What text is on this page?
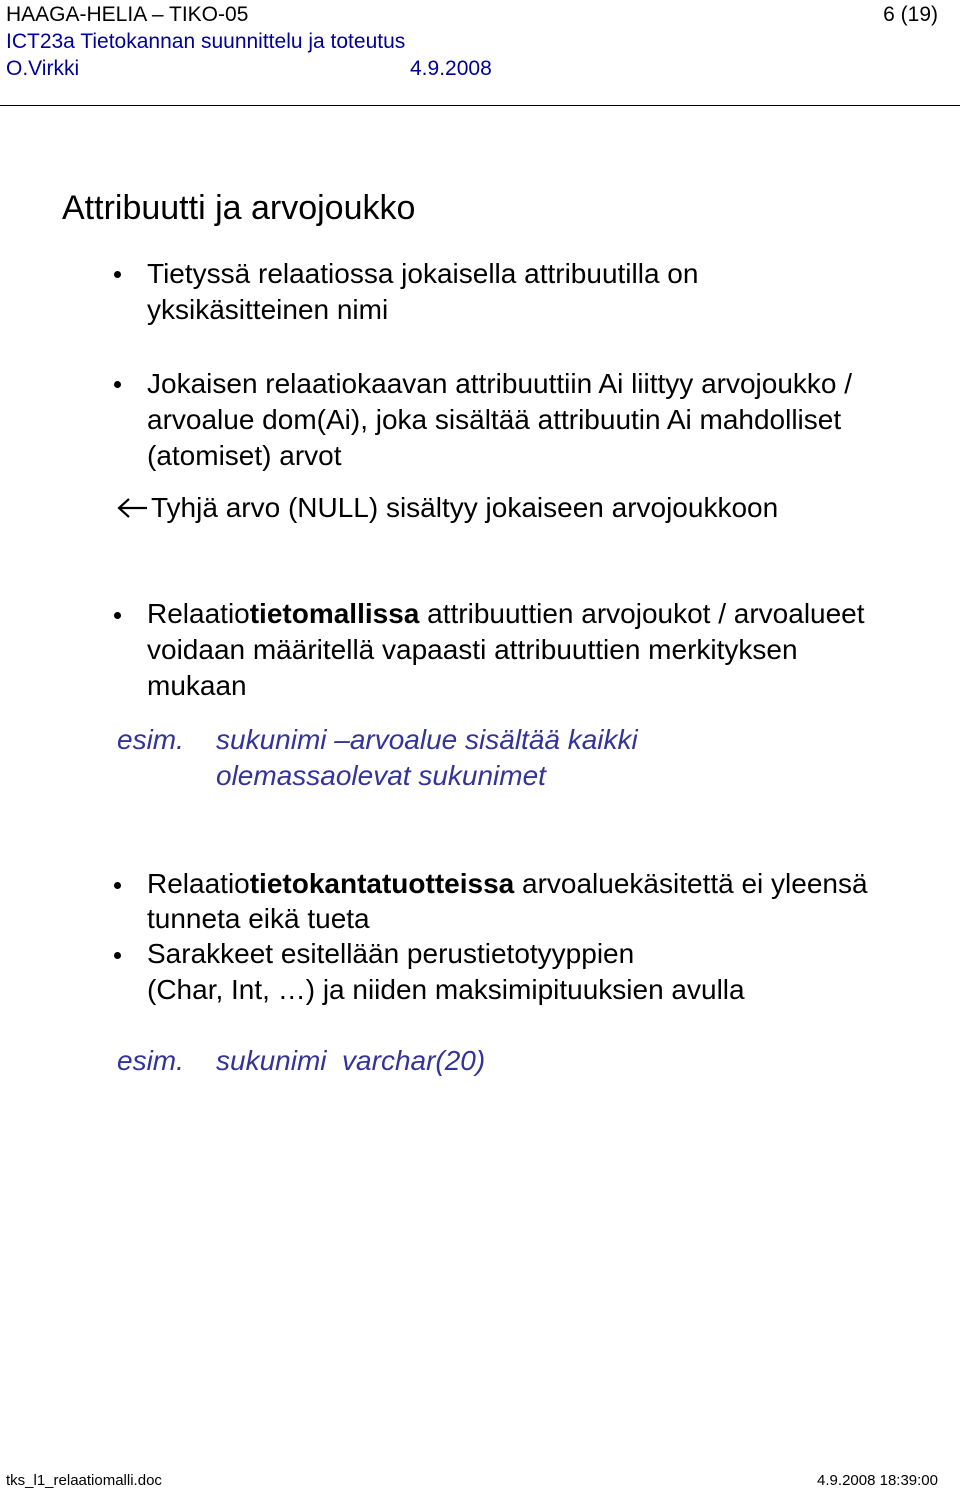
HAAGA-HELIA – TIKO-05	6 (19)
ICT23a Tietokannan suunnittelu ja toteutus
O.Virkki	4.9.2008
Attribuutti ja arvojoukko
Tietyssä relaatiossa jokaisella attribuutilla on
yksikäsitteinen nimi
Jokaisen relaatiokaavan attribuuttiin Ai liittyy arvojoukko /
arvoalue dom(Ai), joka sisältää attribuutin Ai mahdolliset
(atomiset) arvot
Tyhjä arvo (NULL) sisältyy jokaiseen arvojoukkoon
Relaatiotietomallissa attribuuttien arvojoukot / arvoalueet
voidaan määritellä vapaasti attribuuttien merkityksen
mukaan
esim. sukunimi –arvoalue sisältää kaikki
olemassaolevat sukunimet
Relaatiotietokantatuotteissa arvoaluekäsitettä ei yleensä
tunneta eikä tueta
Sarakkeet esitellään perustietotyyppien
(Char, Int, …) ja niiden maksimipituuksien avulla
esim. sukunimi  varchar(20)
tks_l1_relaatiomalli.doc	4.9.2008 18:39:00
